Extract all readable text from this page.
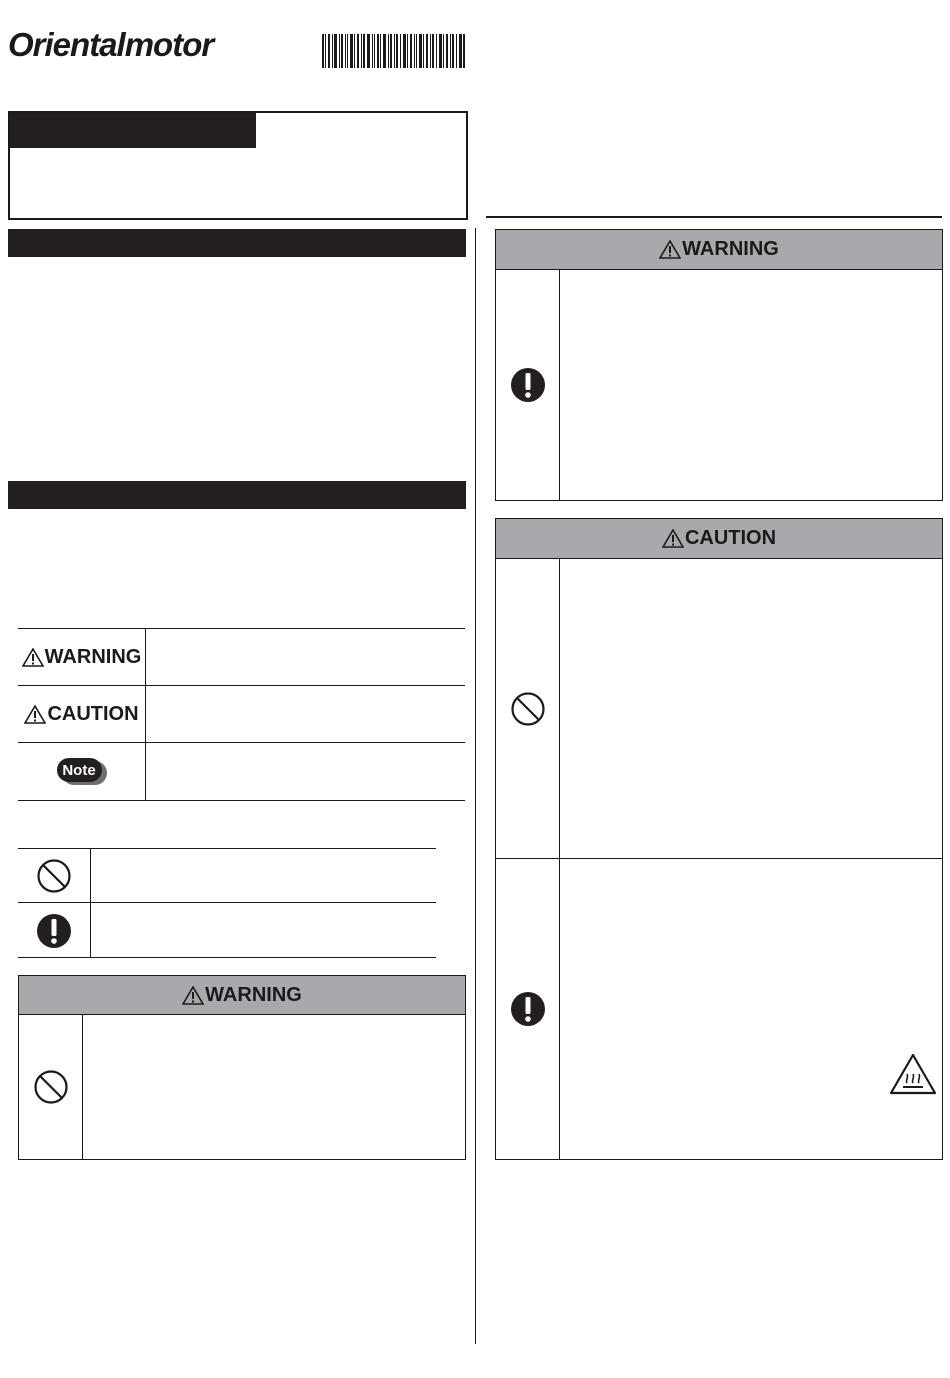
Orientalmotor
WARNING
CAUTION
Note
WARNING
WARNING
CAUTION
